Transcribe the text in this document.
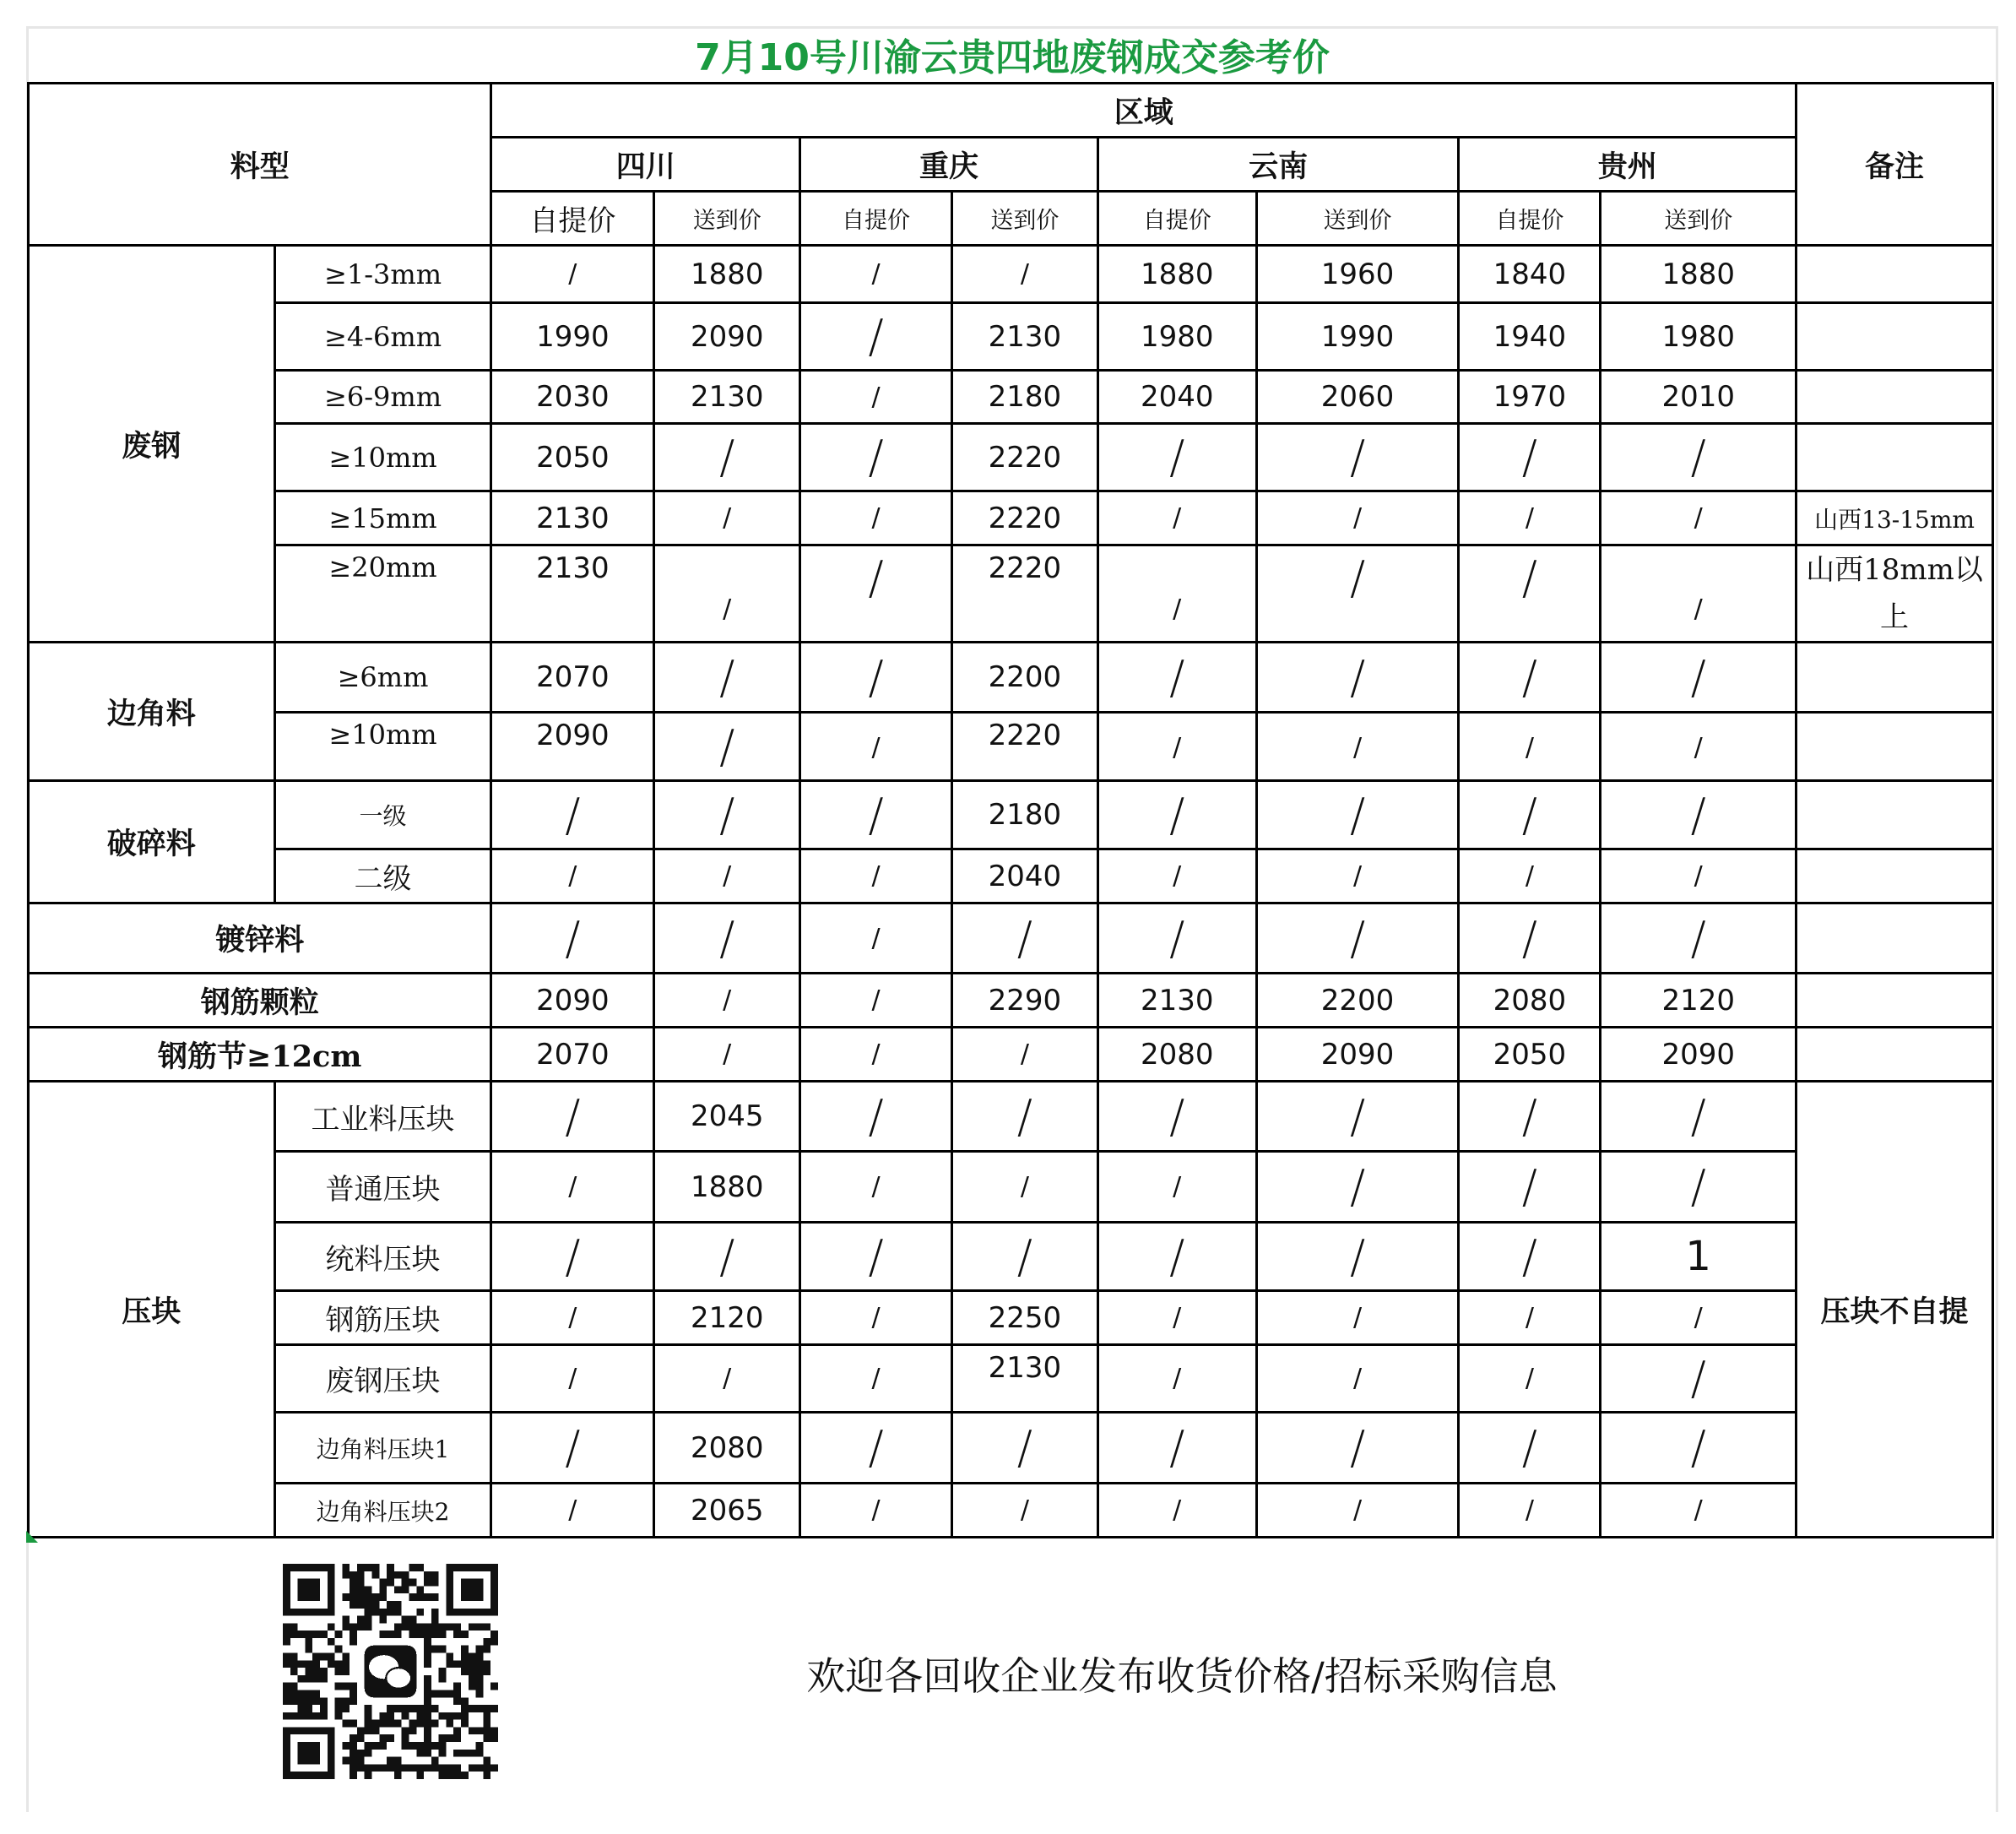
7月10号川渝云贵四地废钢成交参考价
料型		区域								备注
		四川		重庆		云南		贵州		
		自提价	送到价	自提价	送到价	自提价	送到价	自提价	送到价	
废钢	≥1-3mm	/	1880	/	/	1880	1960	1840	1880	
	≥4-6mm	1990	2090	/	2130	1980	1990	1940	1980	
	≥6-9mm	2030	2130	/	2180	2040	2060	1970	2010	
	≥10mm	2050	/	/	2220	/	/	/	/	
	≥15mm	2130	/	/	2220	/	/	/	/	山西13-15mm
	≥20mm	2130	/	/	2220	/	/	/	/	山西18mm以上
边角料	≥6mm	2070	/	/	2200	/	/	/	/	
	≥10mm	2090	/	/	2220	/	/	/	/	
破碎料	一级	/	/	/	2180	/	/	/	/	
	二级	/	/	/	2040	/	/	/	/	
镀锌料		/	/	/	/	/	/	/	/	
钢筋颗粒		2090	/	/	2290	2130	2200	2080	2120	
钢筋节≥12cm		2070	/	/	/	2080	2090	2050	2090	
压块	工业料压块	/	2045	/	/	/	/	/	/	压块不自提
	普通压块	/	1880	/	/	/	/	/	/	
	统料压块	/	/	/	/	/	/	/	1	
	钢筋压块	/	2120	/	2250	/	/	/	/	
	废钢压块	/	/	/	2130	/	/	/	/	
	边角料压块1	/	2080	/	/	/	/	/	/	
	边角料压块2	/	2065	/	/	/	/	/	/	
欢迎各回收企业发布收货价格/招标采购信息
